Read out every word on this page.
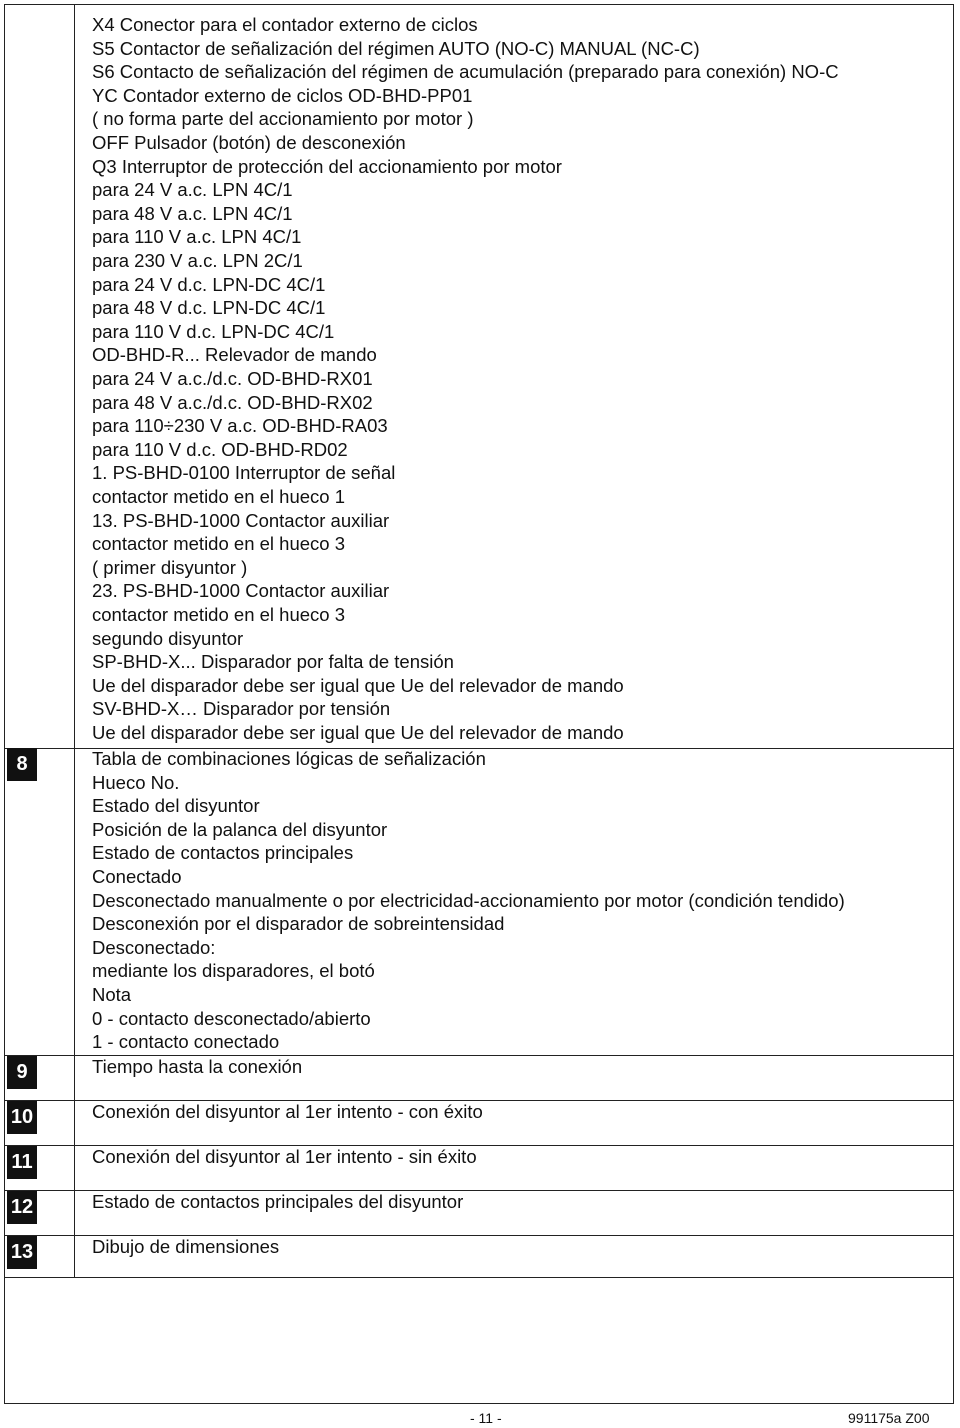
X4 Conector para el contador externo de ciclos
S5 Contactor de señalización del régimen AUTO (NO-C) MANUAL (NC-C)
S6 Contacto de señalización del régimen de acumulación (preparado para conexión) NO-C
YC Contador externo de ciclos OD-BHD-PP01
( no forma parte del accionamiento por motor )
OFF Pulsador (botón) de desconexión
Q3 Interruptor de protección del accionamiento por motor
para 24 V a.c. LPN 4C/1
para 48 V a.c. LPN 4C/1
para 110 V a.c. LPN 4C/1
para 230 V a.c. LPN 2C/1
para 24 V d.c. LPN-DC 4C/1
para 48 V d.c. LPN-DC 4C/1
para 110 V d.c. LPN-DC 4C/1
OD-BHD-R... Relevador de mando
para 24 V a.c./d.c. OD-BHD-RX01
para 48 V a.c./d.c. OD-BHD-RX02
para 110÷230 V a.c. OD-BHD-RA03
para 110 V d.c. OD-BHD-RD02
1. PS-BHD-0100 Interruptor de señal
contactor metido en el hueco 1
13. PS-BHD-1000 Contactor auxiliar
contactor metido en el hueco 3
( primer disyuntor )
23. PS-BHD-1000 Contactor auxiliar
contactor metido en el hueco 3
segundo disyuntor
SP-BHD-X... Disparador por falta de tensión
Ue del disparador debe ser igual que Ue del relevador de mando
SV-BHD-X… Disparador por tensión
Ue del disparador debe ser igual que Ue del relevador de mando
8	Tabla de combinaciones lógicas de señalización
Hueco No.
Estado del disyuntor
Posición de la palanca del disyuntor
Estado de contactos principales
Conectado
Desconectado manualmente o por electricidad-accionamiento por motor (condición tendido)
Desconexión por el disparador de sobreintensidad
Desconectado:
mediante los disparadores, el botó
Nota
0 - contacto desconectado/abierto
1 - contacto conectado
9	Tiempo hasta la conexión
10	Conexión del disyuntor al 1er intento - con éxito
11	Conexión del disyuntor al 1er intento - sin éxito
12	Estado de contactos principales del disyuntor
13	Dibujo de dimensiones
- 11 -	991175a Z00
